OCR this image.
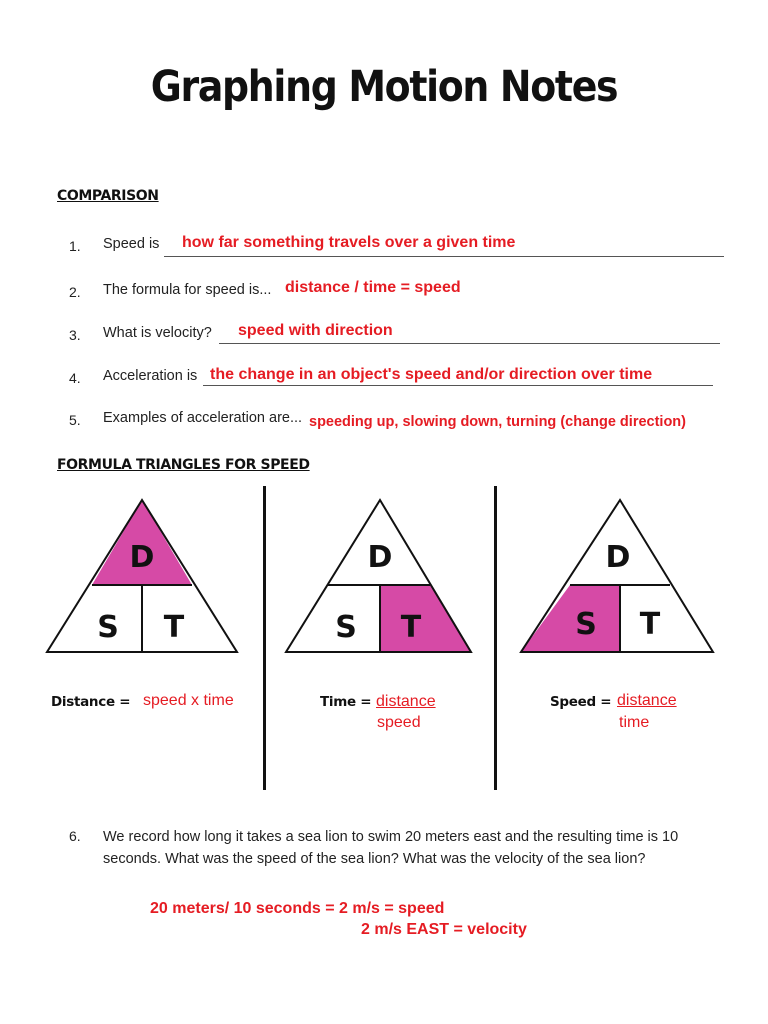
Graphing Motion Notes
COMPARISON
1. Speed is how far something travels over a given time
2. The formula for speed is... distance / time = speed
3. What is velocity? speed with direction
4. Acceleration is the change in an object's speed and/or direction over time
5. Examples of acceleration are... speeding up, slowing down, turning (change direction)
FORMULA TRIANGLES FOR SPEED
D
S T
D
S T
D
S T
Distance = speed x time	Time = distance
speed
Speed = distance
time
6. We record how long it takes a sea lion to swim 20 meters east and the resulting time is 10 seconds. What was the speed of the sea lion? What was the velocity of the sea lion?
20 meters/ 10 seconds = 2 m/s = speed
2 m/s EAST = velocity
